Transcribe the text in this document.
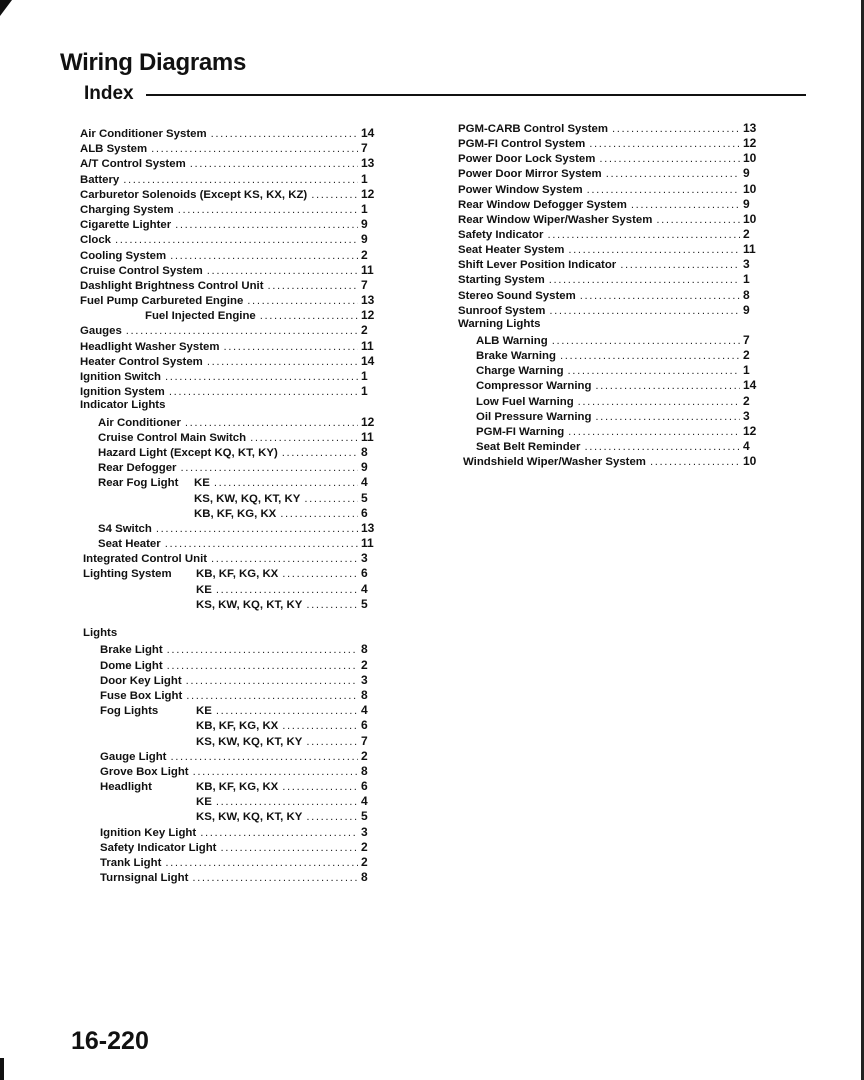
Wiring Diagrams
Index
Air Conditioner System .....	14
ALB System .....	7
A/T Control System .....	13
Battery .....	1
Carburetor Solenoids (Except KS, KX, KZ) .....	12
Charging System .....	1
Cigarette Lighter .....	9
Clock .....	9
Cooling System .....	2
Cruise Control System .....	11
Dashlight Brightness Control Unit .....	7
Fuel Pump Carbureted Engine .....	13
Fuel Injected Engine .....	12
Gauges .....	2
Headlight Washer System .....	11
Heater Control System .....	14
Ignition Switch .....	1
Ignition System .....	1
Indicator Lights
Air Conditioner .....	12
Cruise Control Main Switch .....	11
Hazard Light (Except KQ, KT, KY) .....	8
Rear Defogger .....	9
Rear Fog Light	KE .....	4
KS, KW, KQ, KT, KY .....	5
KB, KF, KG, KX .....	6
S4 Switch .....	13
Seat Heater .....	11
Integrated Control Unit .....	3
Lighting System	KB, KF, KG, KX .....	6
KE .....	4
KS, KW, KQ, KT, KY .....	5
Lights
Brake Light .....	8
Dome Light .....	2
Door Key Light .....	3
Fuse Box Light .....	8
Fog Lights	KE .....	4
KB, KF, KG, KX .....	6
KS, KW, KQ, KT, KY .....	7
Gauge Light .....	2
Grove Box Light .....	8
Headlight	KB, KF, KG, KX .....	6
KE .....	4
KS, KW, KQ, KT, KY .....	5
Ignition Key Light .....	3
Safety Indicator Light .....	2
Trank Light .....	2
Turnsignal Light .....	8
PGM-CARB Control System .....	13
PGM-FI Control System .....	12
Power Door Lock System .....	10
Power Door Mirror System .....	9
Power Window System .....	10
Rear Window Defogger System .....	9
Rear Window Wiper/Washer System .....	10
Safety Indicator .....	2
Seat Heater System .....	11
Shift Lever Position Indicator .....	3
Starting System .....	1
Stereo Sound System .....	8
Sunroof System .....	9
Warning Lights
ALB Warning .....	7
Brake Warning .....	2
Charge Warning .....	1
Compressor Warning .....	14
Low Fuel Warning .....	2
Oil Pressure Warning .....	3
PGM-FI Warning .....	12
Seat Belt Reminder .....	4
Windshield Wiper/Washer System .....	10
16-220
